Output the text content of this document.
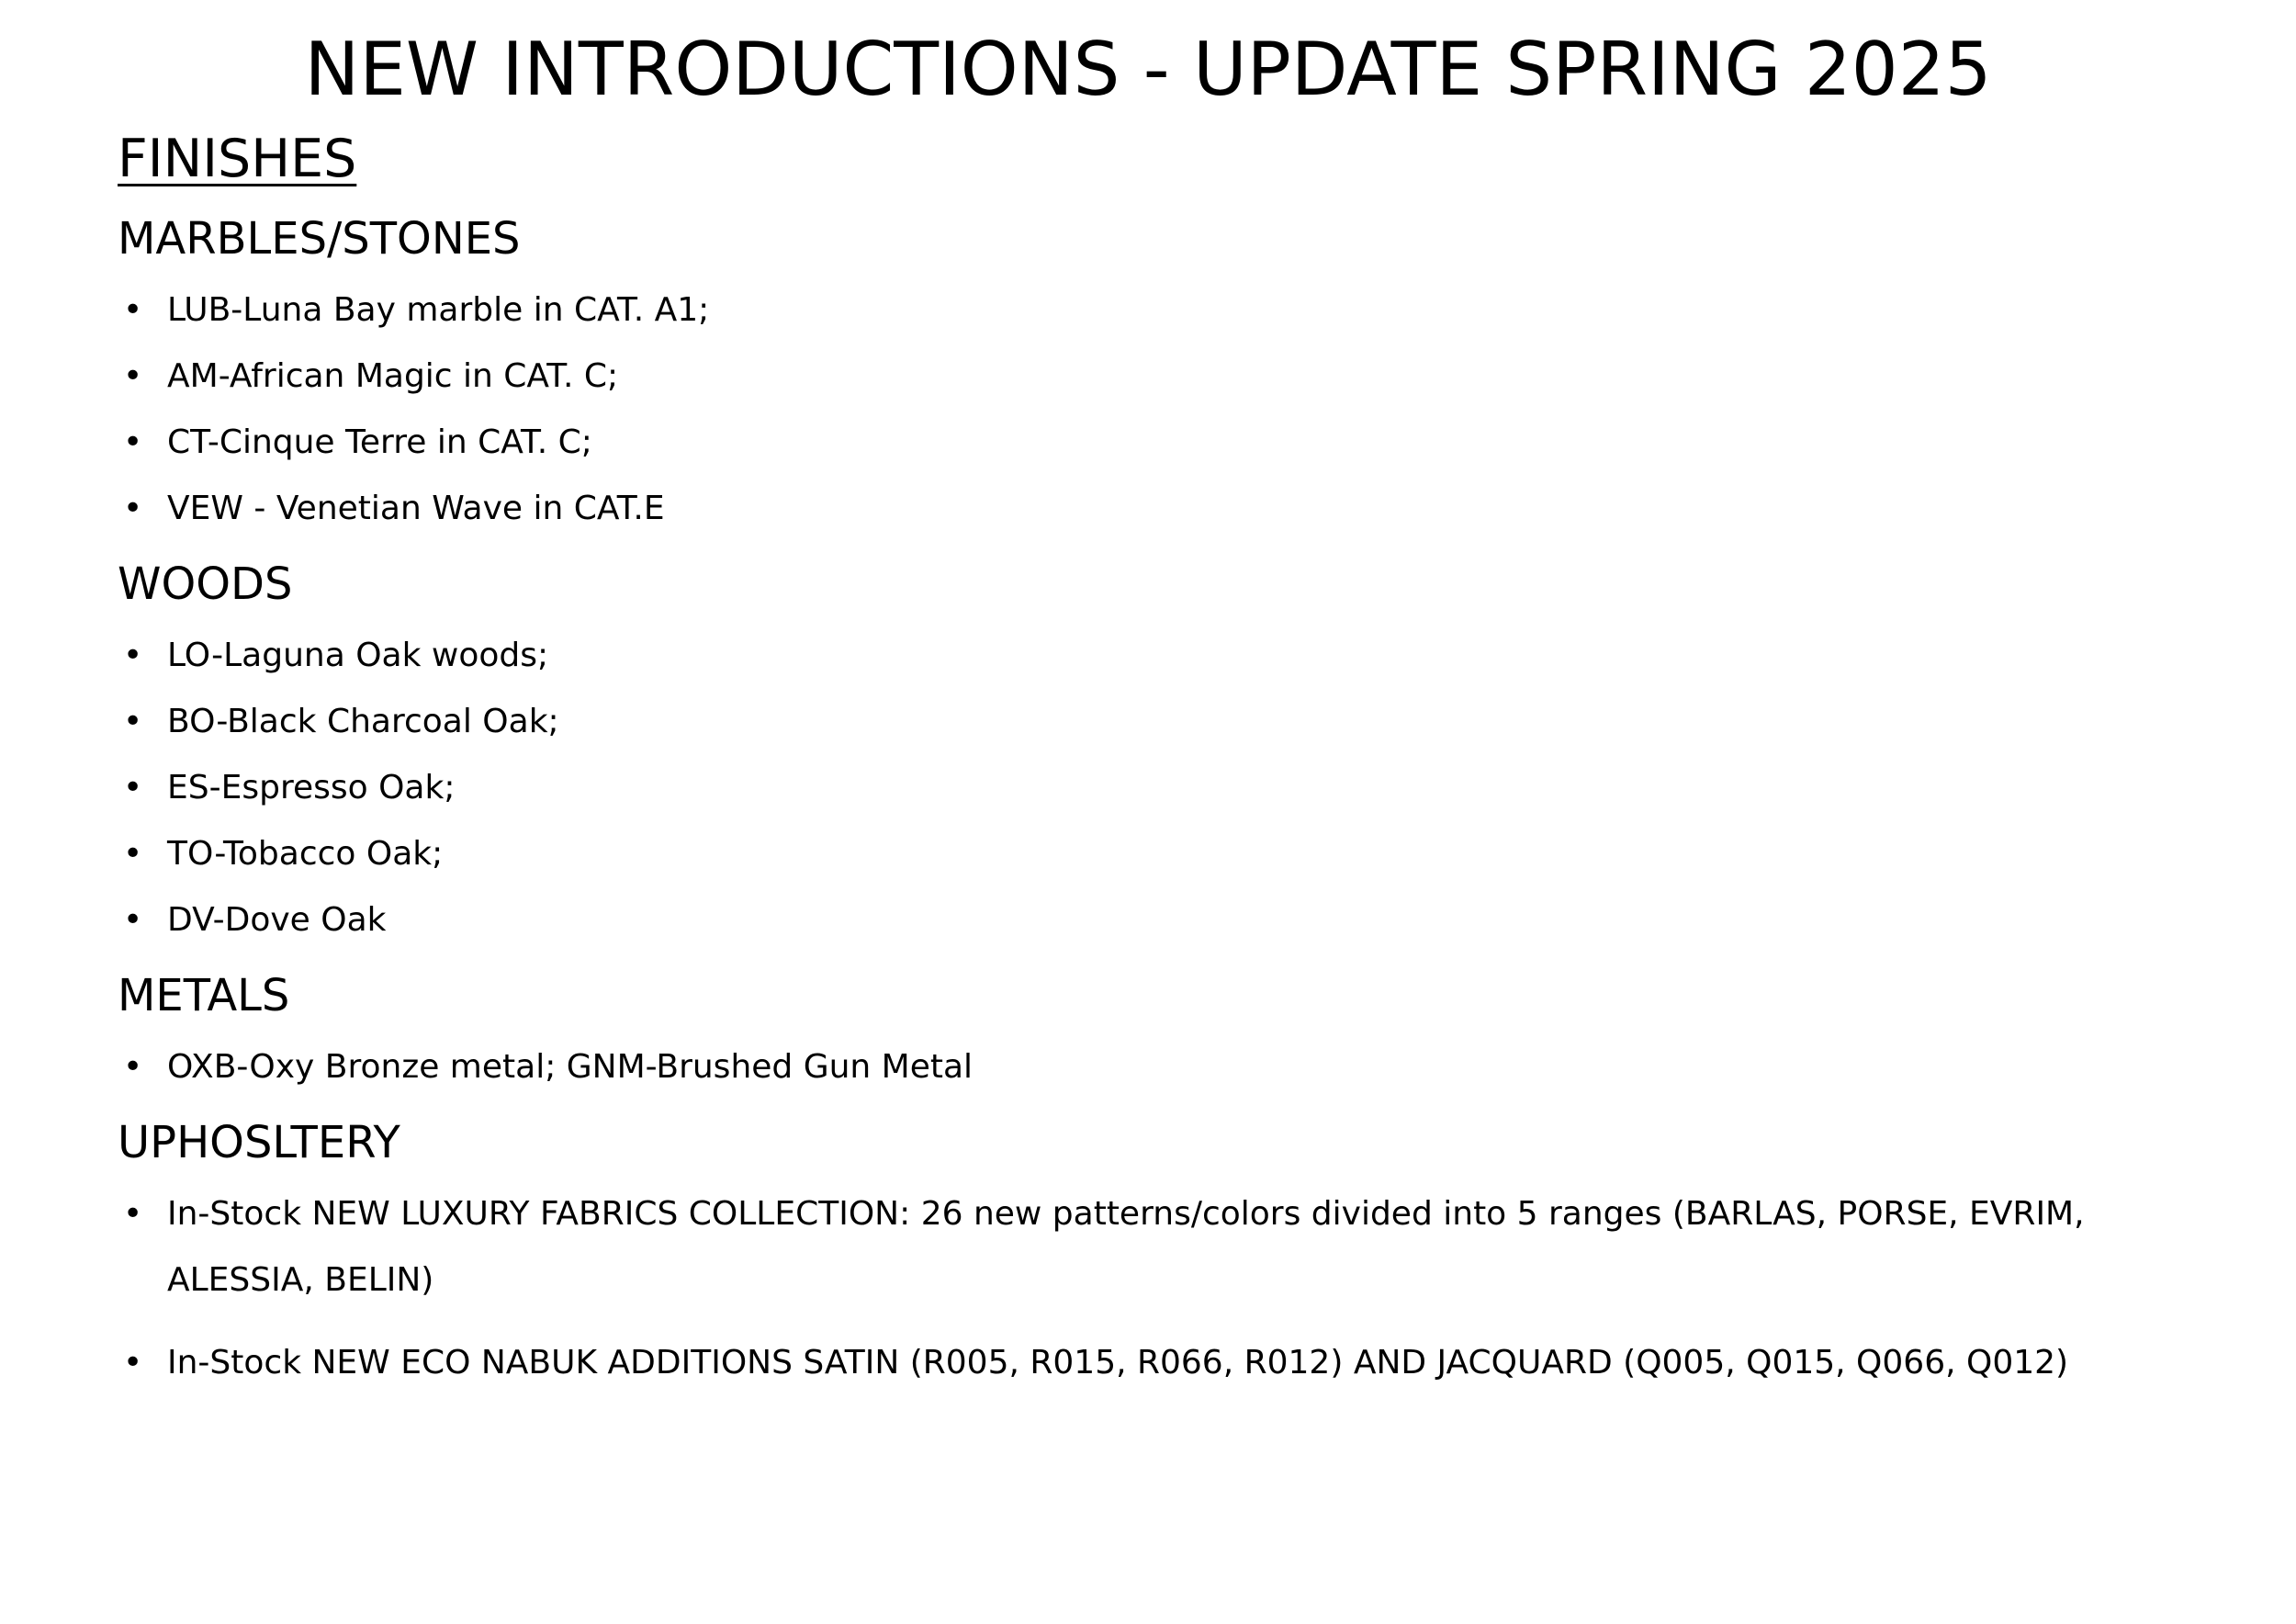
NEW INTRODUCTIONS - UPDATE SPRING 2025
FINISHES
MARBLES/STONES
• LUB-Luna Bay marble in CAT. A1;
• AM-African Magic in CAT. C;
• CT-Cinque Terre in CAT. C;
• VEW - Venetian Wave in CAT.E
WOODS
• LO-Laguna Oak woods;
• BO-Black Charcoal Oak;
• ES-Espresso Oak;
• TO-Tobacco Oak;
• DV-Dove Oak
METALS
• OXB-Oxy Bronze metal; GNM-Brushed Gun Metal
UPHOSLTERY
• In-Stock NEW LUXURY FABRICS COLLECTION: 26 new patterns/colors divided into 5 ranges (BARLAS, PORSE, EVRIM, ALESSIA, BELIN)
• In-Stock NEW ECO NABUK ADDITIONS SATIN (R005, R015, R066, R012) AND JACQUARD (Q005, Q015, Q066, Q012)
